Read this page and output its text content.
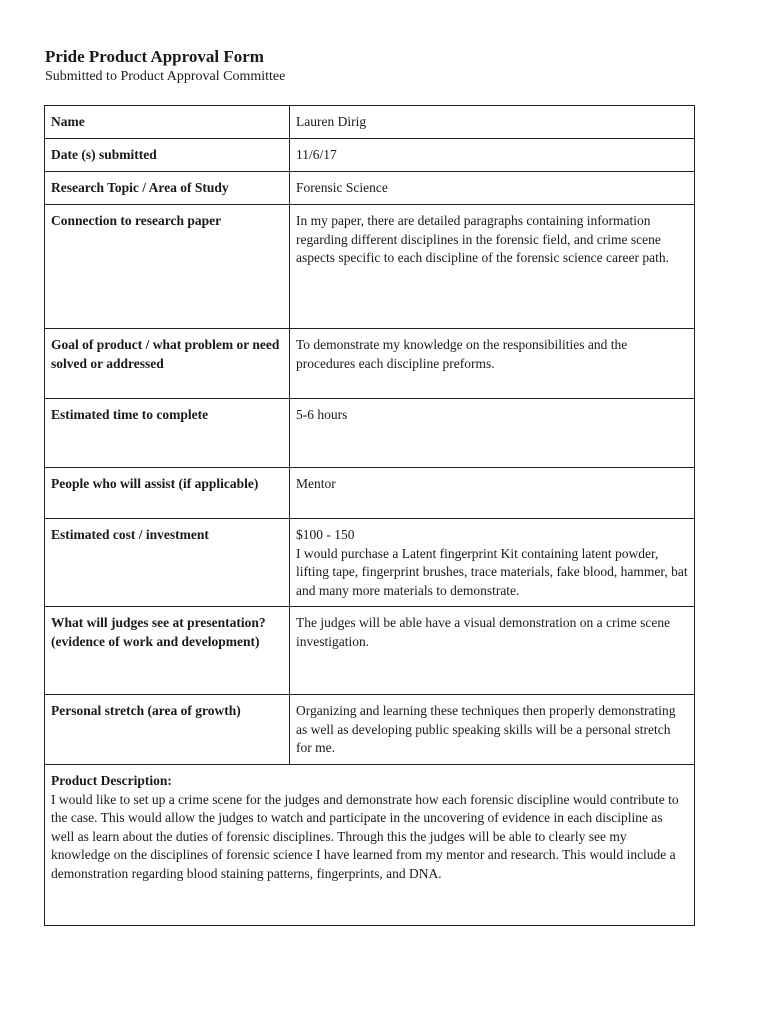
Pride Product Approval Form

Submitted to Product Approval Committee

Name	Lauren Dirig
Date (s) submitted	11/6/17
Research Topic / Area of Study	Forensic Science
Connection to research paper	In my paper, there are detailed paragraphs containing information regarding different disciplines in the forensic field, and crime scene aspects specific to each discipline of the forensic science career path.
Goal of product / what problem or need solved or addressed	To demonstrate my knowledge on the responsibilities and the procedures each discipline preforms.
Estimated time to complete	5-6 hours
People who will assist (if applicable)	Mentor
Estimated cost / investment	$100 - 150
I would purchase a Latent fingerprint Kit containing latent powder, lifting tape, fingerprint brushes, trace materials, fake blood, hammer, bat and many more materials to demonstrate.

What will judges see at presentation? (evidence of work and development)	The judges will be able have a visual demonstration on a crime scene investigation.
Personal stretch (area of growth)	Organizing and learning these techniques then properly demonstrating as well as developing public speaking skills will be a personal stretch for me.

Product Description:
I would like to set up a crime scene for the judges and demonstrate how each forensic discipline would contribute to the case. This would allow the judges to watch and participate in the uncovering of evidence in each discipline as well as learn about the duties of forensic disciplines. Through this the judges will be able to clearly see my knowledge on the disciplines of forensic science I have learned from my mentor and research. This would include a demonstration regarding blood staining patterns, fingerprints, and DNA.	
